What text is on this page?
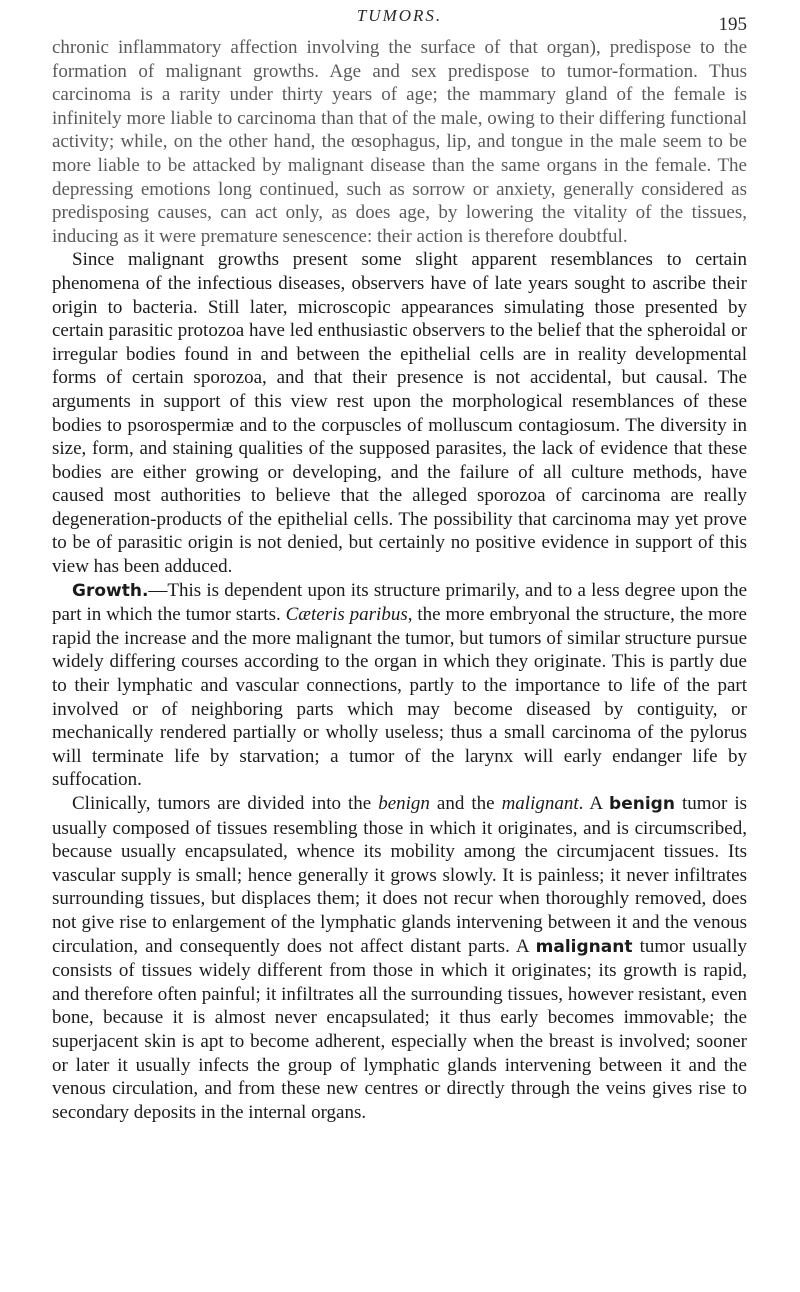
TUMORS.	195

chronic inflammatory affection involving the surface of that organ), predispose to the formation of malignant growths. Age and sex predispose to tumor-formation. Thus carcinoma is a rarity under thirty years of age; the mammary gland of the female is infinitely more liable to carcinoma than that of the male, owing to their differing functional activity; while, on the other hand, the œsophagus, lip, and tongue in the male seem to be more liable to be attacked by malignant disease than the same organs in the female. The depressing emotions long continued, such as sorrow or anxiety, generally considered as predisposing causes, can act only, as does age, by lowering the vitality of the tissues, inducing as it were premature senescence: their action is therefore doubtful.

Since malignant growths present some slight apparent resemblances to certain phenomena of the infectious diseases, observers have of late years sought to ascribe their origin to bacteria. Still later, microscopic appearances simulating those presented by certain parasitic protozoa have led enthusiastic observers to the belief that the spheroidal or irregular bodies found in and between the epithelial cells are in reality developmental forms of certain sporozoa, and that their presence is not accidental, but causal. The arguments in support of this view rest upon the morphological resemblances of these bodies to psorospermiæ and to the corpuscles of molluscum contagiosum. The diversity in size, form, and staining qualities of the supposed parasites, the lack of evidence that these bodies are either growing or developing, and the failure of all culture methods, have caused most authorities to believe that the alleged sporozoa of carcinoma are really degeneration-products of the epithelial cells. The possibility that carcinoma may yet prove to be of parasitic origin is not denied, but certainly no positive evidence in support of this view has been adduced.

Growth.—This is dependent upon its structure primarily, and to a less degree upon the part in which the tumor starts. Cæteris paribus, the more embryonal the structure, the more rapid the increase and the more malignant the tumor, but tumors of similar structure pursue widely differing courses according to the organ in which they originate. This is partly due to their lymphatic and vascular connections, partly to the importance to life of the part involved or of neighboring parts which may become diseased by contiguity, or mechanically rendered partially or wholly useless; thus a small carcinoma of the pylorus will terminate life by starvation; a tumor of the larynx will early endanger life by suffocation.

Clinically, tumors are divided into the benign and the malignant. A benign tumor is usually composed of tissues resembling those in which it originates, and is circumscribed, because usually encapsulated, whence its mobility among the circumjacent tissues. Its vascular supply is small; hence generally it grows slowly. It is painless; it never infiltrates surrounding tissues, but displaces them; it does not recur when thoroughly removed, does not give rise to enlargement of the lymphatic glands intervening between it and the venous circulation, and consequently does not affect distant parts. A malignant tumor usually consists of tissues widely different from those in which it originates; its growth is rapid, and therefore often painful; it infiltrates all the surrounding tissues, however resistant, even bone, because it is almost never encapsulated; it thus early becomes immovable; the superjacent skin is apt to become adherent, especially when the breast is involved; sooner or later it usually infects the group of lymphatic glands intervening between it and the venous circulation, and from these new centres or directly through the veins gives rise to secondary deposits in the internal organs.
